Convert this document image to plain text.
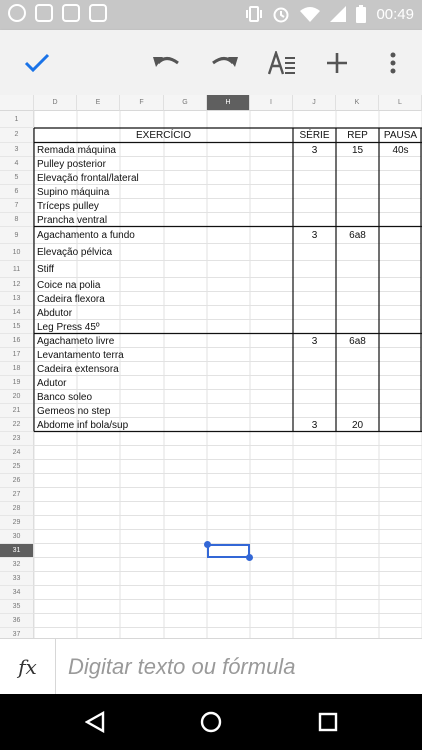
00:49
D	E	F	G	H	I	J	K	L
1
2
3
4
5
6
7
8
9
10
11
12
13
14
15
16
17
18
19
20
21
22
23
24
25
26
27
28
29
30
31
32
33
34
35
36
37
EXERCÍCIO	SÉRIE	REP	PAUSA
Remada máquina	3	15	40s
Pulley posterior
Elevação frontal/lateral
Supino máquina
Tríceps pulley
Prancha ventral
Agachamento a fundo	3	6a8
Elevação pélvica
Stiff
Coice na polia
Cadeira flexora
Abdutor
Leg Press 45º
Agachameto livre	3	6a8
Levantamento terra
Cadeira extensora
Adutor
Banco soleo
Gemeos no step
Abdome inf bola/sup	3	20
fx
Digitar texto ou fórmula
